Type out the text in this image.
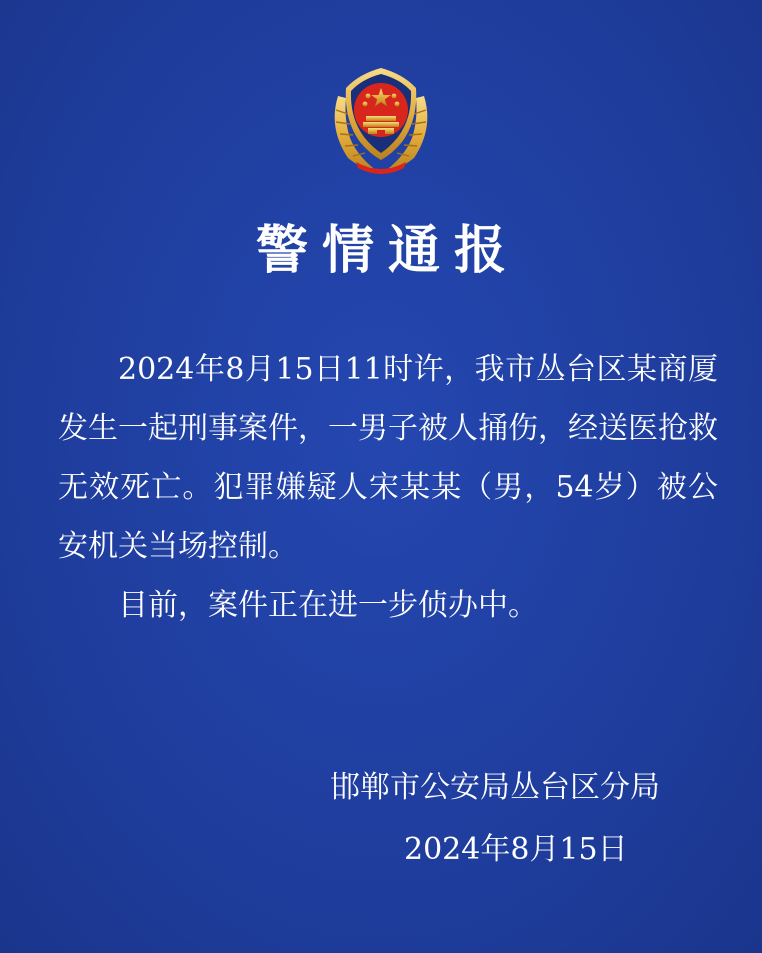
警情通报

2024年8月15日11时许，我市丛台区某商厦发生一起刑事案件，一男子被人捅伤，经送医抢救无效死亡。犯罪嫌疑人宋某某（男，54岁）被公安机关当场控制。

目前，案件正在进一步侦办中。

邯郸市公安局丛台区分局
2024年8月15日
